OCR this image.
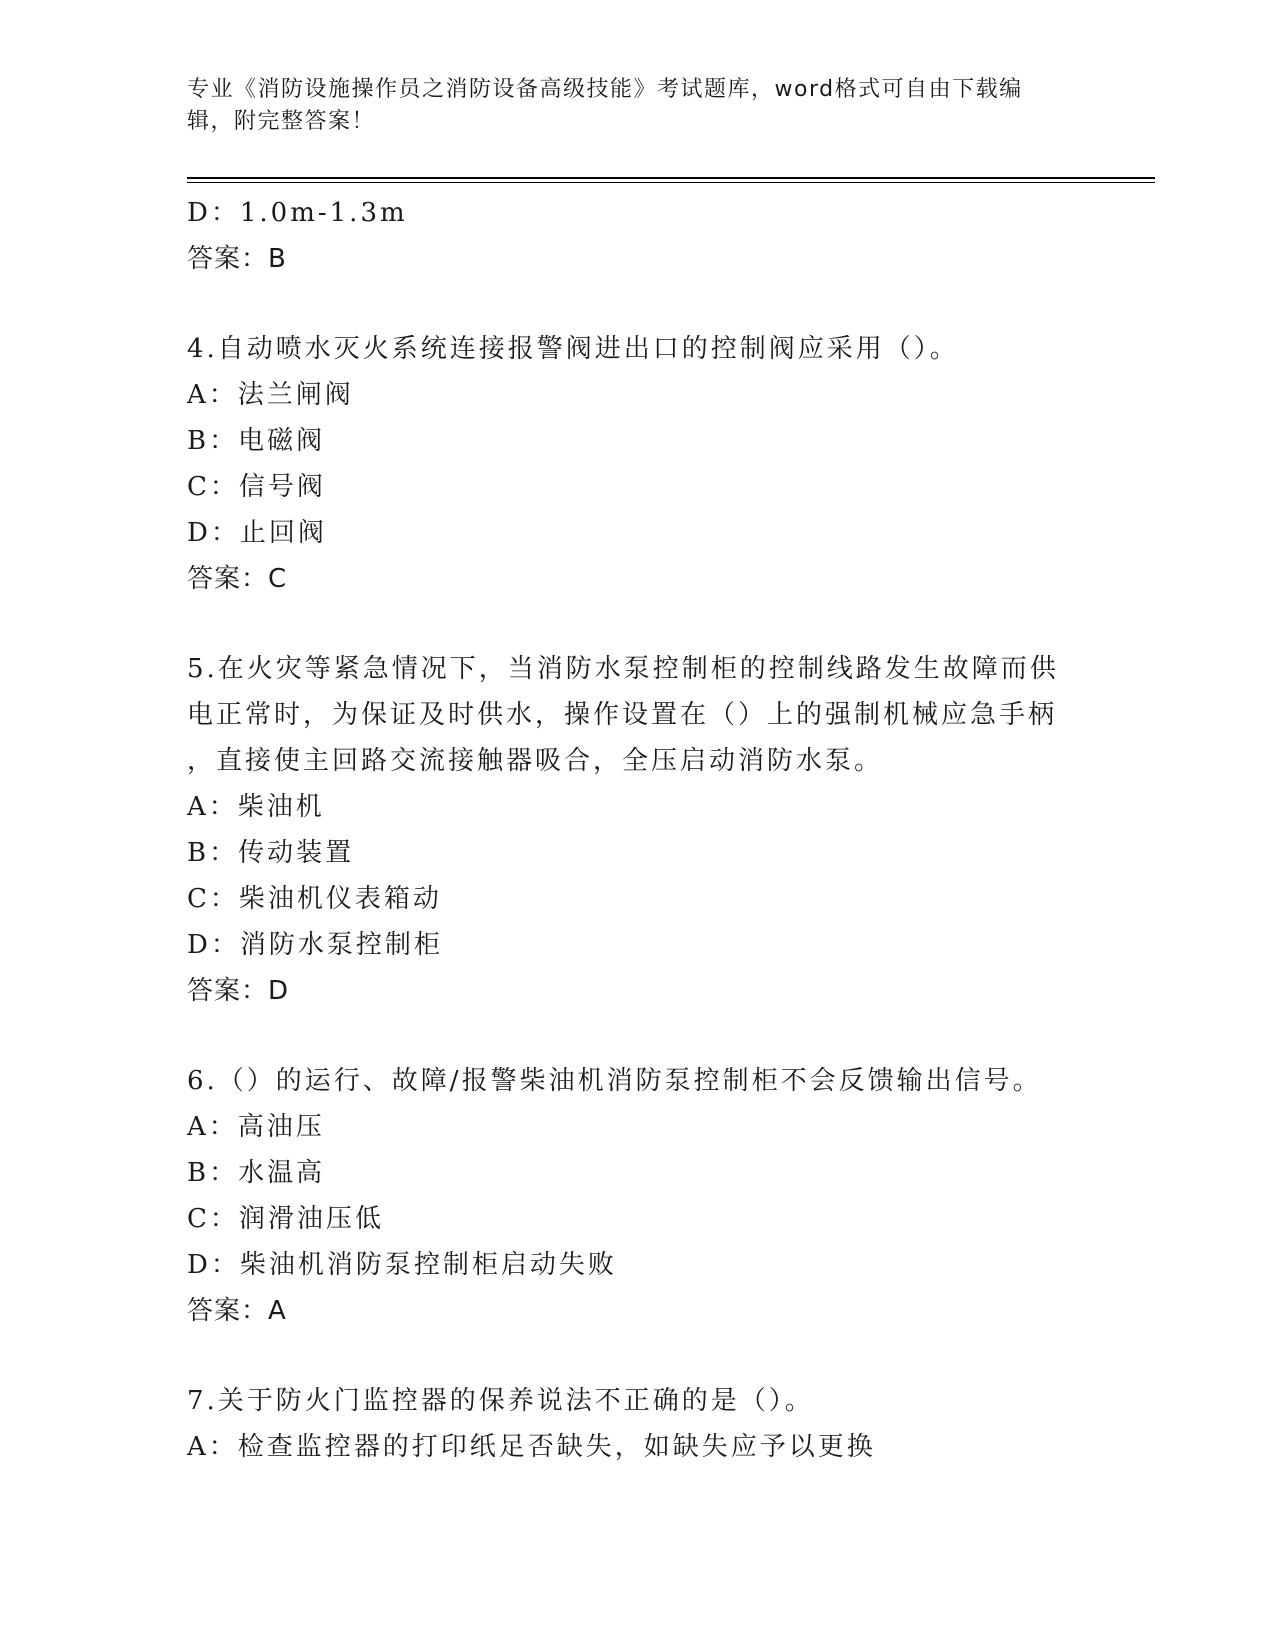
专业《消防设施操作员之消防设备高级技能》考试题库，word格式可自由下载编
辑，附完整答案！
D：1.0m-1.3m
答案：B
4.自动喷水灭火系统连接报警阀进出口的控制阀应采用（）。
A：法兰闸阀
B：电磁阀
C：信号阀
D：止回阀
答案：C
5.在火灾等紧急情况下，当消防水泵控制柜的控制线路发生故障而供
电正常时，为保证及时供水，操作设置在（）上的强制机械应急手柄
，直接使主回路交流接触器吸合，全压启动消防水泵。
A：柴油机
B：传动装置
C：柴油机仪表箱动
D：消防水泵控制柜
答案：D
6.（）的运行、故障/报警柴油机消防泵控制柜不会反馈输出信号。
A：高油压
B：水温高
C：润滑油压低
D：柴油机消防泵控制柜启动失败
答案：A
7.关于防火门监控器的保养说法不正确的是（）。
A：检查监控器的打印纸足否缺失，如缺失应予以更换
